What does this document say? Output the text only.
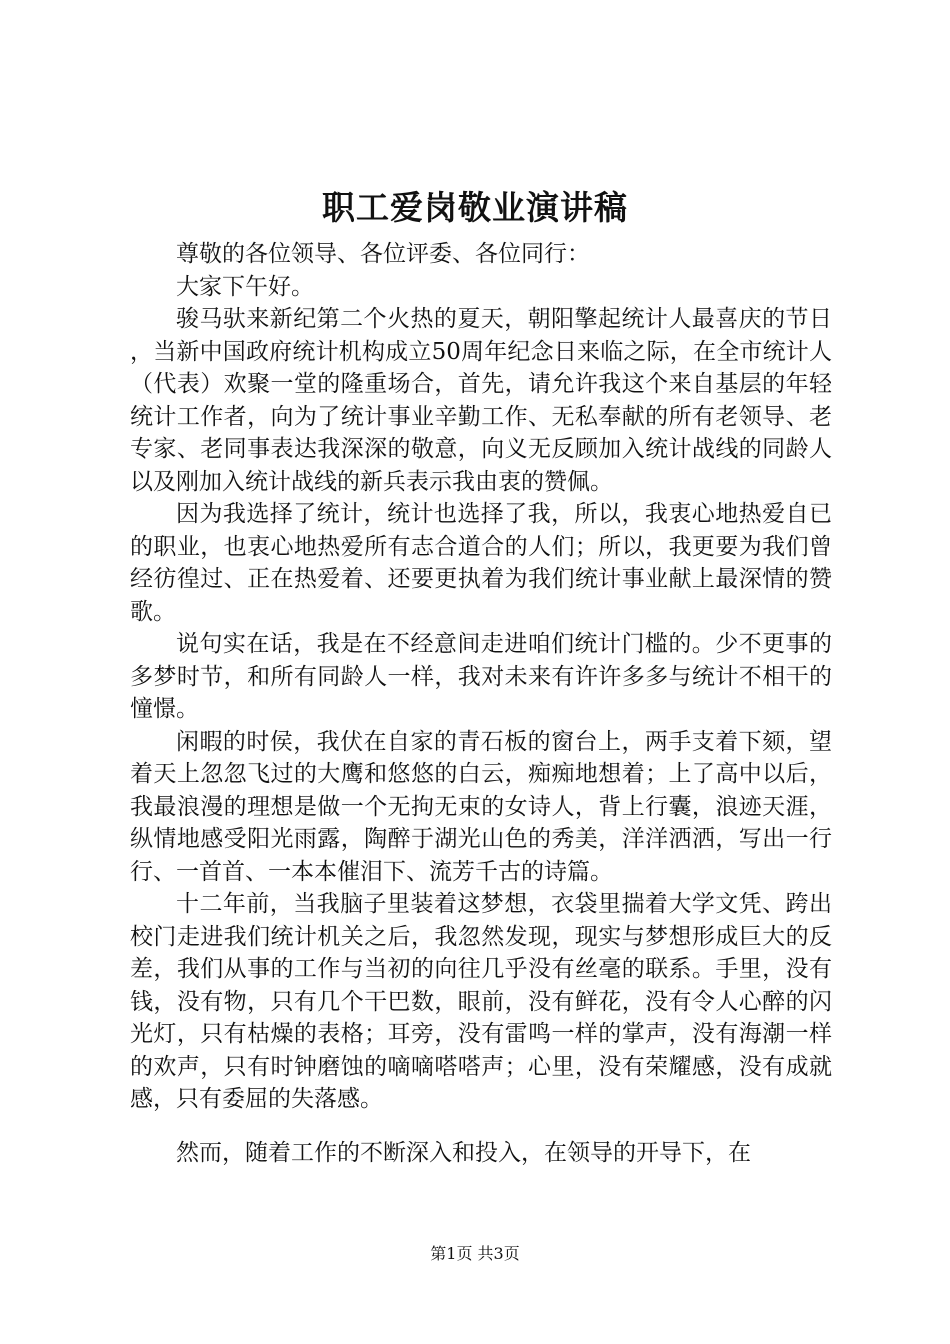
职工爱岗敬业演讲稿

尊敬的各位领导、各位评委、各位同行：

大家下午好。

骏马驮来新纪第二个火热的夏天，朝阳擎起统计人最喜庆的节日，当新中国政府统计机构成立50周年纪念日来临之际，在全市统计人（代表）欢聚一堂的隆重场合，首先，请允许我这个来自基层的年轻统计工作者，向为了统计事业辛勤工作、无私奉献的所有老领导、老专家、老同事表达我深深的敬意，向义无反顾加入统计战线的同龄人以及刚加入统计战线的新兵表示我由衷的赞佩。

因为我选择了统计，统计也选择了我，所以，我衷心地热爱自已的职业，也衷心地热爱所有志合道合的人们；所以，我更要为我们曾经彷徨过、正在热爱着、还要更执着为我们统计事业献上最深情的赞歌。

说句实在话，我是在不经意间走进咱们统计门槛的。少不更事的多梦时节，和所有同龄人一样，我对未来有许许多多与统计不相干的憧憬。

闲暇的时侯，我伏在自家的青石板的窗台上，两手支着下颏，望着天上忽忽飞过的大鹰和悠悠的白云，痴痴地想着；上了高中以后，我最浪漫的理想是做一个无拘无束的女诗人，背上行囊，浪迹天涯，纵情地感受阳光雨露，陶醉于湖光山色的秀美，洋洋洒洒，写出一行行、一首首、一本本催泪下、流芳千古的诗篇。

十二年前，当我脑子里装着这梦想，衣袋里揣着大学文凭、跨出校门走进我们统计机关之后，我忽然发现，现实与梦想形成巨大的反差，我们从事的工作与当初的向往几乎没有丝毫的联系。手里，没有钱，没有物，只有几个干巴数，眼前，没有鲜花，没有令人心醉的闪光灯，只有枯燥的表格；耳旁，没有雷鸣一样的掌声，没有海潮一样的欢声，只有时钟磨蚀的嘀嘀嗒嗒声；心里，没有荣耀感，没有成就感，只有委屈的失落感。

然而，随着工作的不断深入和投入，在领导的开导下，在

第1页 共3页
